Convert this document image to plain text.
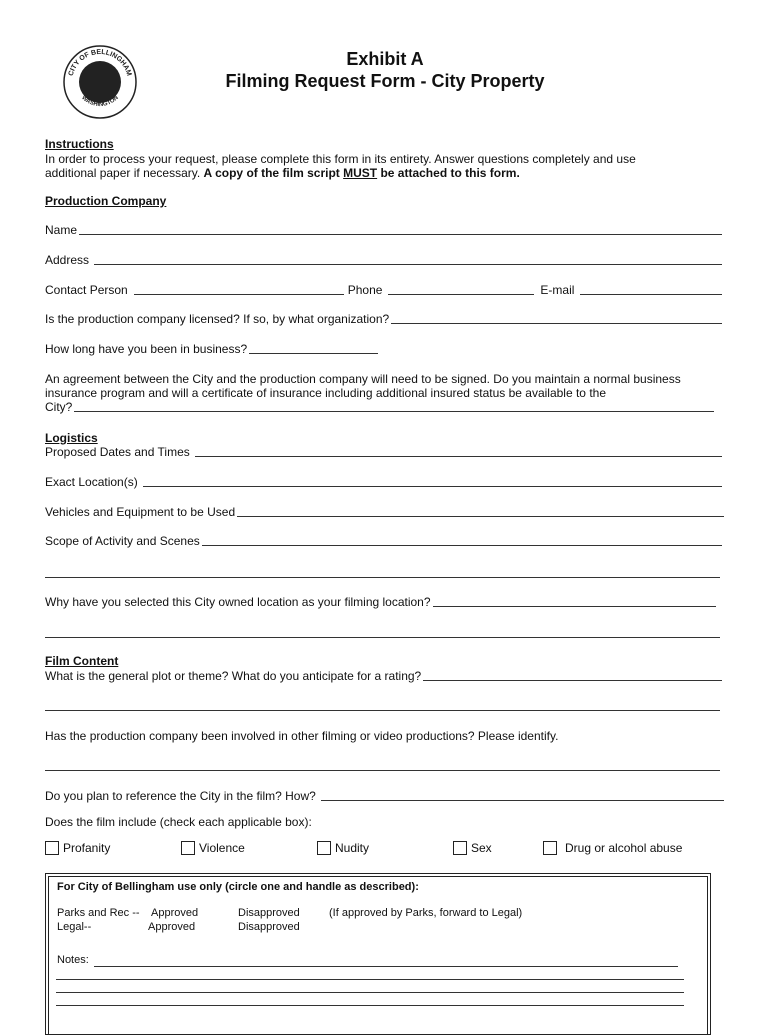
CITY OF BELLINGHAM
WASHINGTON
Exhibit A
Filming Request Form - City Property
Instructions
In order to process your request, please complete this form in its entirety. Answer questions completely and use
additional paper if necessary. A copy of the film script MUST be attached to this form.
Production Company
Name
Address
Contact Person	Phone	E-mail
Is the production company licensed? If so, by what organization?
How long have you been in business?
An agreement between the City and the production company will need to be signed. Do you maintain a normal business
insurance program and will a certificate of insurance including additional insured status be available to the
City?
Logistics
Proposed Dates and Times
Exact Location(s)
Vehicles and Equipment to be Used
Scope of Activity and Scenes
Why have you selected this City owned location as your filming location?
Film Content
What is the general plot or theme? What do you anticipate for a rating?
Has the production company been involved in other filming or video productions? Please identify.
Do you plan to reference the City in the film? How?
Does the film include (check each applicable box):
Profanity	Violence	Nudity	Sex	Drug or alcohol abuse
For City of Bellingham use only (circle one and handle as described):
Parks and Rec -- Approved	Disapproved	(If approved by Parks, forward to Legal)
Legal--	Approved	Disapproved
Notes:
